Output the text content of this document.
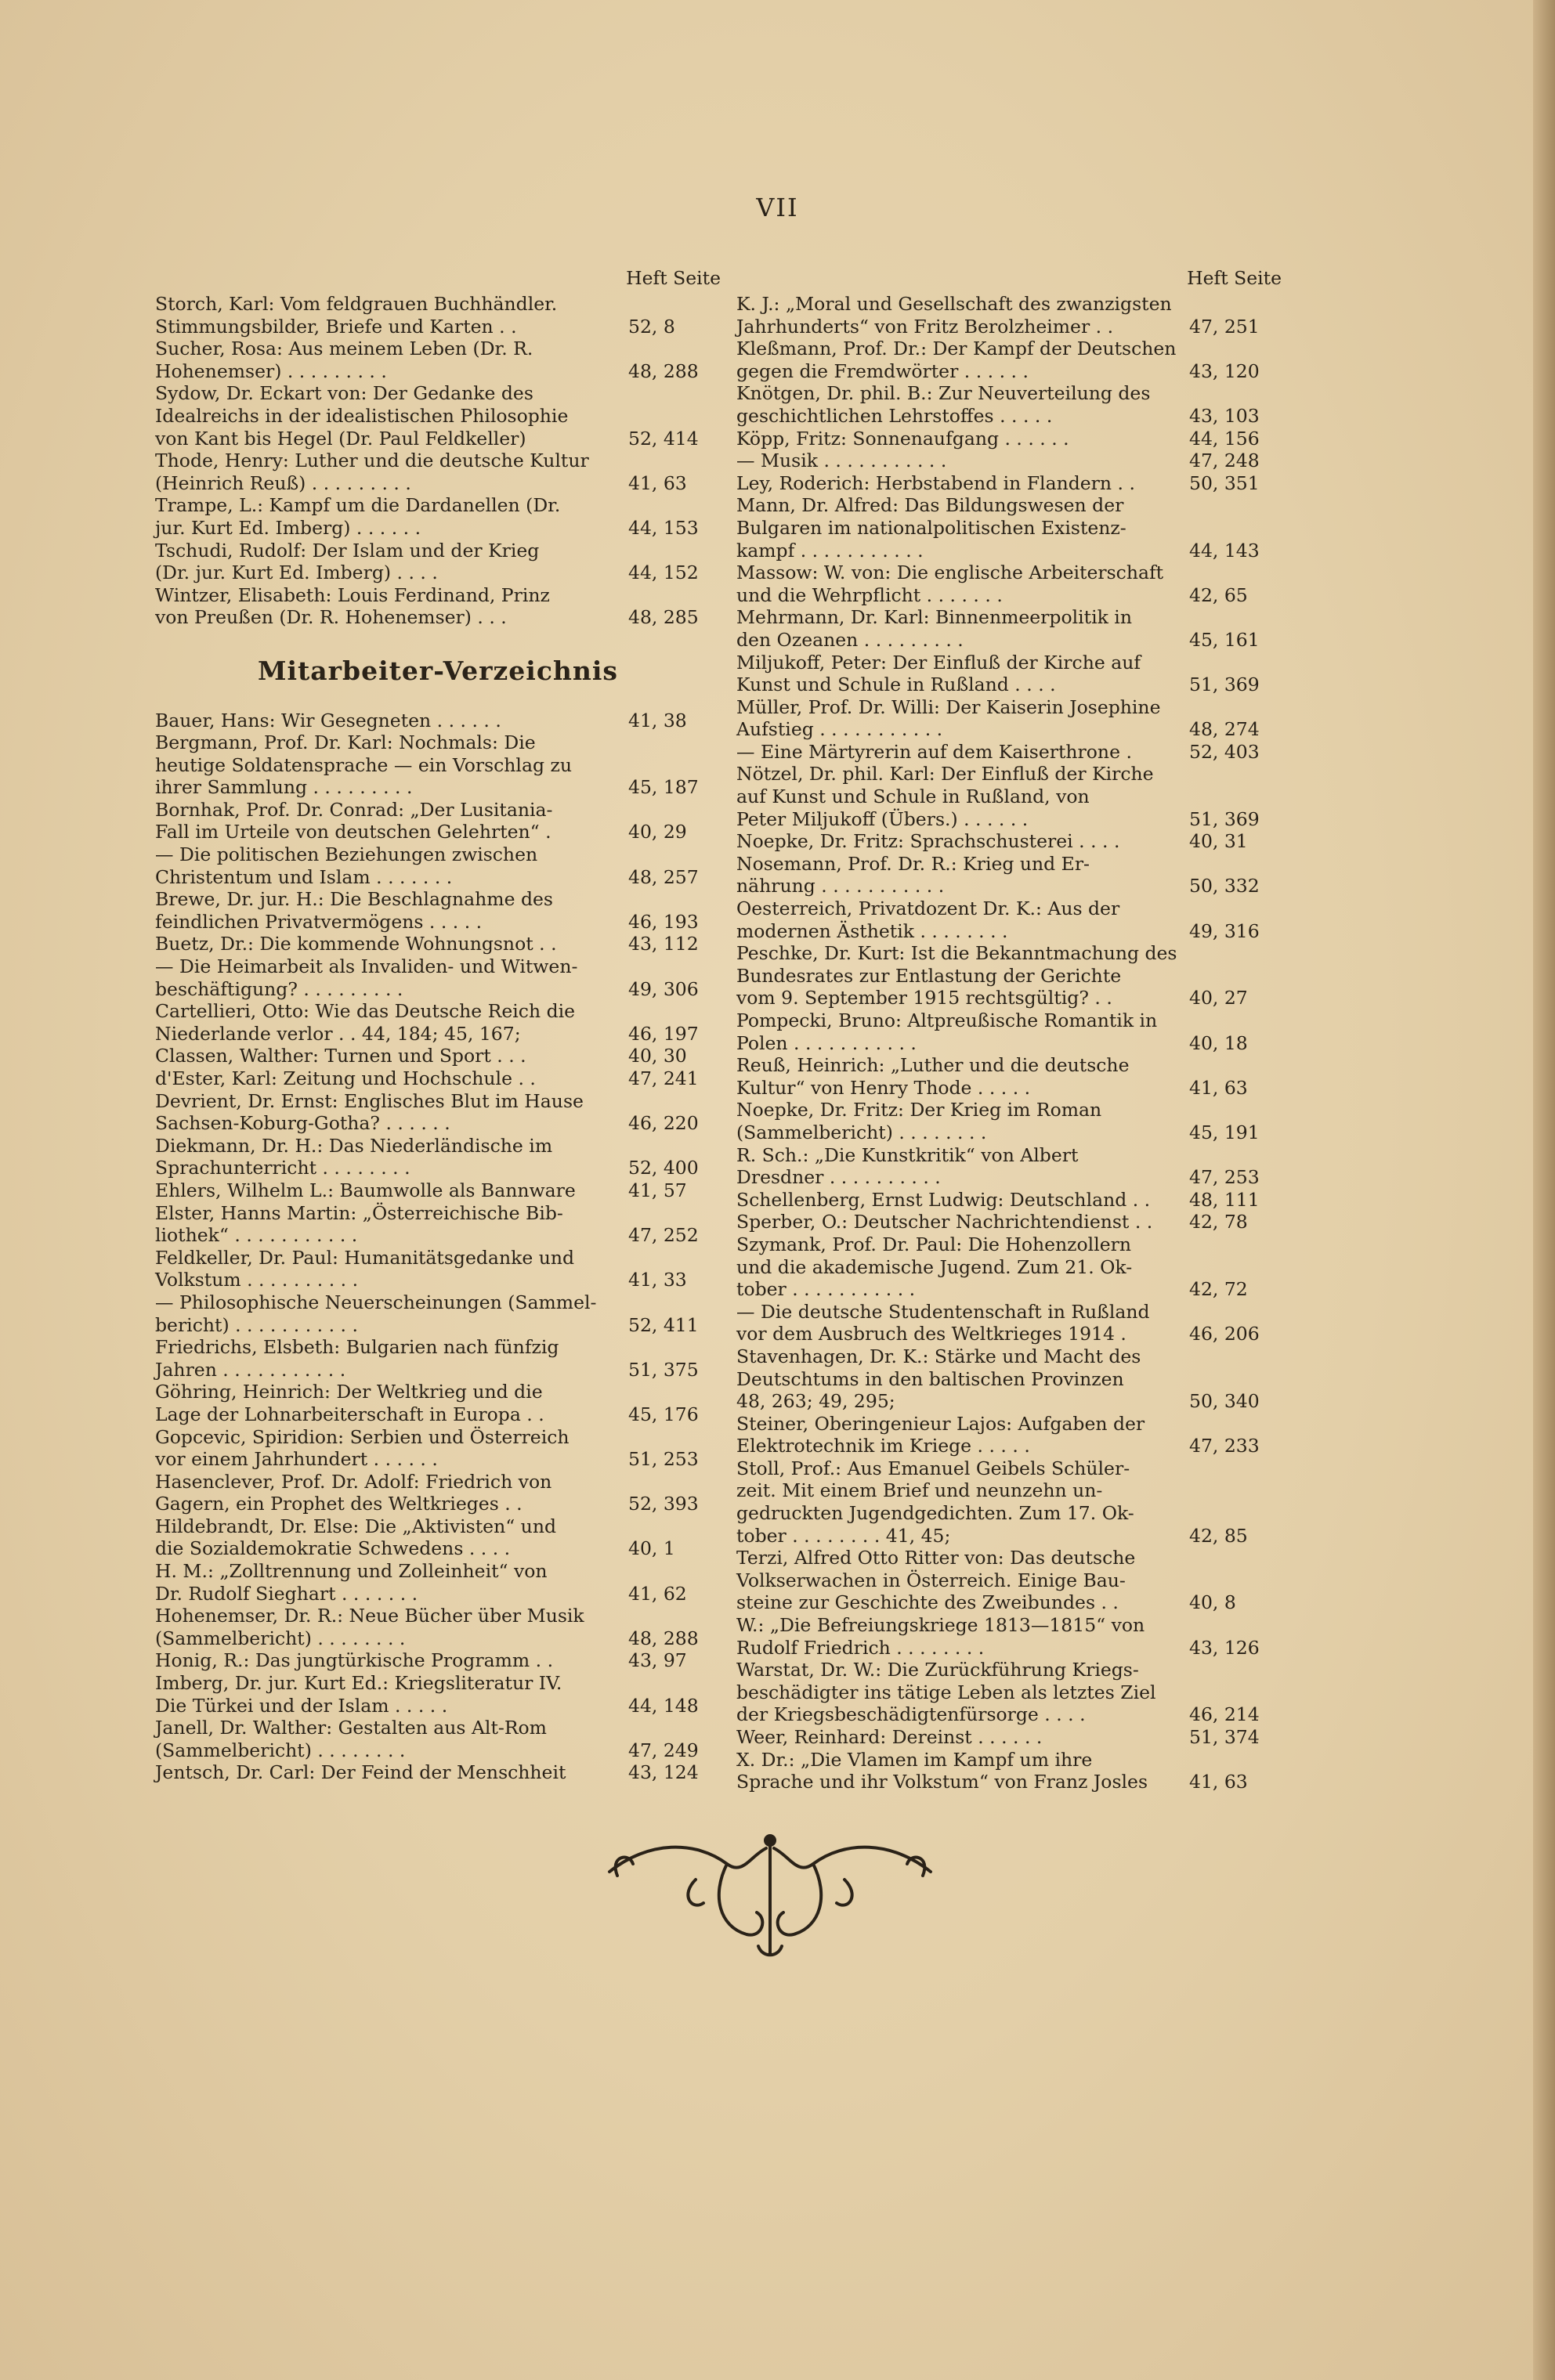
VII
Heft Seite
Storch, Karl: Vom feldgrauen Buchhändler.
Stimmungsbilder, Briefe und Karten . .	52, 8
Sucher, Rosa: Aus meinem Leben (Dr. R.
Hohenemser) . . . . . . . . .	48, 288
Sydow, Dr. Eckart von: Der Gedanke des
Idealreichs in der idealistischen Philosophie
von Kant bis Hegel (Dr. Paul Feldkeller)	52, 414
Thode, Henry: Luther und die deutsche Kultur
(Heinrich Reuß) . . . . . . . . .	41, 63
Trampe, L.: Kampf um die Dardanellen (Dr.
jur. Kurt Ed. Imberg) . . . . . .	44, 153
Tschudi, Rudolf: Der Islam und der Krieg
(Dr. jur. Kurt Ed. Imberg) . . . .	44, 152
Wintzer, Elisabeth: Louis Ferdinand, Prinz
von Preußen (Dr. R. Hohenemser) . . .	48, 285
Mitarbeiter-Verzeichnis
Bauer, Hans: Wir Gesegneten . . . . . .	41, 38
Bergmann, Prof. Dr. Karl: Nochmals: Die
heutige Soldatensprache — ein Vorschlag zu
ihrer Sammlung . . . . . . . . .	45, 187
Bornhak, Prof. Dr. Conrad: „Der Lusitania-
Fall im Urteile von deutschen Gelehrten“ .	40, 29
— Die politischen Beziehungen zwischen
Christentum und Islam . . . . . . .	48, 257
Brewe, Dr. jur. H.: Die Beschlagnahme des
feindlichen Privatvermögens . . . . .	46, 193
Buetz, Dr.: Die kommende Wohnungsnot . .	43, 112
— Die Heimarbeit als Invaliden- und Witwen-
beschäftigung? . . . . . . . . .	49, 306
Cartellieri, Otto: Wie das Deutsche Reich die
Niederlande verlor . . 44, 184; 45, 167;	46, 197
Classen, Walther: Turnen und Sport . . .	40, 30
d'Ester, Karl: Zeitung und Hochschule . .	47, 241
Devrient, Dr. Ernst: Englisches Blut im Hause
Sachsen-Koburg-Gotha? . . . . . .	46, 220
Diekmann, Dr. H.: Das Niederländische im
Sprachunterricht . . . . . . . .	52, 400
Ehlers, Wilhelm L.: Baumwolle als Bannware	41, 57
Elster, Hanns Martin: „Österreichische Bib-
liothek“ . . . . . . . . . . .	47, 252
Feldkeller, Dr. Paul: Humanitätsgedanke und
Volkstum . . . . . . . . . .	41, 33
— Philosophische Neuerscheinungen (Sammel-
bericht) . . . . . . . . . . .	52, 411
Friedrichs, Elsbeth: Bulgarien nach fünfzig
Jahren . . . . . . . . . . .	51, 375
Göhring, Heinrich: Der Weltkrieg und die
Lage der Lohnarbeiterschaft in Europa . .	45, 176
Gopcevic, Spiridion: Serbien und Österreich
vor einem Jahrhundert . . . . . .	51, 253
Hasenclever, Prof. Dr. Adolf: Friedrich von
Gagern, ein Prophet des Weltkrieges . .	52, 393
Hildebrandt, Dr. Else: Die „Aktivisten“ und
die Sozialdemokratie Schwedens . . . .	40, 1
H. M.: „Zolltrennung und Zolleinheit“ von
Dr. Rudolf Sieghart . . . . . . .	41, 62
Hohenemser, Dr. R.: Neue Bücher über Musik
(Sammelbericht) . . . . . . . .	48, 288
Honig, R.: Das jungtürkische Programm . .	43, 97
Imberg, Dr. jur. Kurt Ed.: Kriegsliteratur IV.
Die Türkei und der Islam . . . . .	44, 148
Janell, Dr. Walther: Gestalten aus Alt-Rom
(Sammelbericht) . . . . . . . .	47, 249
Jentsch, Dr. Carl: Der Feind der Menschheit	43, 124
Heft Seite
K. J.: „Moral und Gesellschaft des zwanzigsten
Jahrhunderts“ von Fritz Berolzheimer . .	47, 251
Kleßmann, Prof. Dr.: Der Kampf der Deutschen
gegen die Fremdwörter . . . . . .	43, 120
Knötgen, Dr. phil. B.: Zur Neuverteilung des
geschichtlichen Lehrstoffes . . . . .	43, 103
Köpp, Fritz: Sonnenaufgang . . . . . .	44, 156
— Musik . . . . . . . . . . .	47, 248
Ley, Roderich: Herbstabend in Flandern . .	50, 351
Mann, Dr. Alfred: Das Bildungswesen der
Bulgaren im nationalpolitischen Existenz-
kampf . . . . . . . . . . .	44, 143
Massow: W. von: Die englische Arbeiterschaft
und die Wehrpflicht . . . . . . .	42, 65
Mehrmann, Dr. Karl: Binnenmeerpolitik in
den Ozeanen . . . . . . . . .	45, 161
Miljukoff, Peter: Der Einfluß der Kirche auf
Kunst und Schule in Rußland . . . .	51, 369
Müller, Prof. Dr. Willi: Der Kaiserin Josephine
Aufstieg . . . . . . . . . . .	48, 274
— Eine Märtyrerin auf dem Kaiserthrone .	52, 403
Nötzel, Dr. phil. Karl: Der Einfluß der Kirche
auf Kunst und Schule in Rußland, von
Peter Miljukoff (Übers.) . . . . . .	51, 369
Noepke, Dr. Fritz: Sprachschusterei . . . .	40, 31
Nosemann, Prof. Dr. R.: Krieg und Er-
nährung . . . . . . . . . . .	50, 332
Oesterreich, Privatdozent Dr. K.: Aus der
modernen Ästhetik . . . . . . . .	49, 316
Peschke, Dr. Kurt: Ist die Bekanntmachung des
Bundesrates zur Entlastung der Gerichte
vom 9. September 1915 rechtsgültig? . .	40, 27
Pompecki, Bruno: Altpreußische Romantik in
Polen . . . . . . . . . . .	40, 18
Reuß, Heinrich: „Luther und die deutsche
Kultur“ von Henry Thode . . . . .	41, 63
Noepke, Dr. Fritz: Der Krieg im Roman
(Sammelbericht) . . . . . . . .	45, 191
R. Sch.: „Die Kunstkritik“ von Albert
Dresdner . . . . . . . . . .	47, 253
Schellenberg, Ernst Ludwig: Deutschland . .	48, 111
Sperber, O.: Deutscher Nachrichtendienst . .	42, 78
Szymank, Prof. Dr. Paul: Die Hohenzollern
und die akademische Jugend. Zum 21. Ok-
tober . . . . . . . . . . .	42, 72
— Die deutsche Studentenschaft in Rußland
vor dem Ausbruch des Weltkrieges 1914 .	46, 206
Stavenhagen, Dr. K.: Stärke und Macht des
Deutschtums in den baltischen Provinzen
48, 263; 49, 295;	50, 340
Steiner, Oberingenieur Lajos: Aufgaben der
Elektrotechnik im Kriege . . . . .	47, 233
Stoll, Prof.: Aus Emanuel Geibels Schüler-
zeit. Mit einem Brief und neunzehn un-
gedruckten Jugendgedichten. Zum 17. Ok-
tober . . . . . . . . 41, 45;	42, 85
Terzi, Alfred Otto Ritter von: Das deutsche
Volkserwachen in Österreich. Einige Bau-
steine zur Geschichte des Zweibundes . .	40, 8
W.: „Die Befreiungskriege 1813—1815“ von
Rudolf Friedrich . . . . . . . .	43, 126
Warstat, Dr. W.: Die Zurückführung Kriegs-
beschädigter ins tätige Leben als letztes Ziel
der Kriegsbeschädigtenfürsorge . . . .	46, 214
Weer, Reinhard: Dereinst . . . . . .	51, 374
X. Dr.: „Die Vlamen im Kampf um ihre
Sprache und ihr Volkstum“ von Franz Josles	41, 63
